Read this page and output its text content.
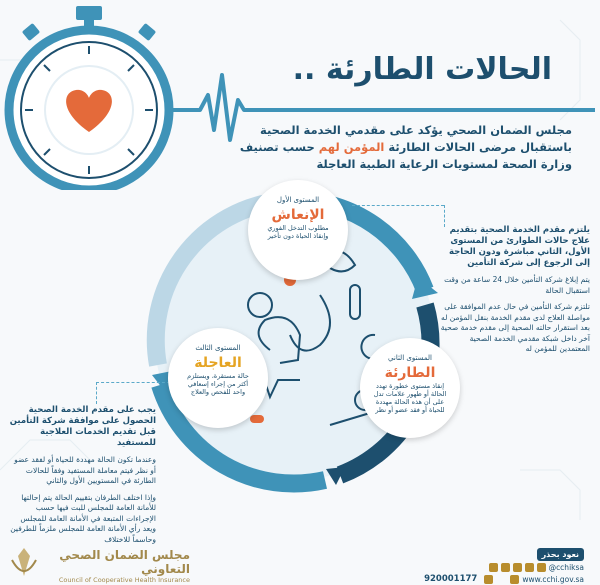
الحالات الطارئة ..
مجلس الضمان الصحي يؤكد على مقدمي الخدمة الصحية باستقبال مرضى الحالات الطارئة المؤمن لهم حسب تصنيف وزارة الصحة لمستويات الرعاية الطبية العاجلة
المستوى الأول
الإنعاش
مطلوب التدخل الفوري وإنقاذ الحياة دون تأخير
المستوى الثاني
الطارئة
إنقاذ مستوى خطورة تهدد الحالة أو ظهور علامات تدل على أن هذه الحالة مهددة للحياة أو فقد عضو أو نظر
المستوى الثالث
العاجلة
حالة مستقرة، ويستلزم أكثر من إجراء إسعافي واحد للفحص والعلاج

يلتزم مقدم الخدمة الصحية بتقديم علاج حالات الطوارئ من المستوى الأول، الثاني مباشرة ودون الحاجة إلى الرجوع إلى شركة التأمين

يتم إبلاغ شركة التأمين خلال 24 ساعة من وقت استقبال الحالة

تلتزم شركة التأمين في حال عدم الموافقة على مواصلة العلاج لدى مقدم الخدمة بنقل المؤمن له بعد استقرار حالته الصحية إلى مقدم خدمة صحية آخر داخل شبكة مقدمي الخدمة الصحية المعتمدين للمؤمن له

يجب على مقدم الخدمة الصحية الحصول على موافقة شركة التأمين قبل تقديم الخدمات العلاجية للمستفيد

وعندما تكون الحالة مهددة للحياة أو لفقد عضو أو نظر فيتم معاملة المستفيد وفقاً للحالات الطارئة في المستويين الأول والثاني

وإذا اختلف الطرفان بتقييم الحالة يتم إحالتها للأمانة العامة للمجلس للبت فيها حسب الإجراءات المتبعة في الأمانة العامة للمجلس ويعد رأي الأمانة العامة للمجلس ملزماً للطرفين وحاسماً للاختلاف

مجلس الضمان الصحي التعاوني
Council of Cooperative Health Insurance
نعود بحذر
@cchiksa
920001177	www.cchi.gov.sa
